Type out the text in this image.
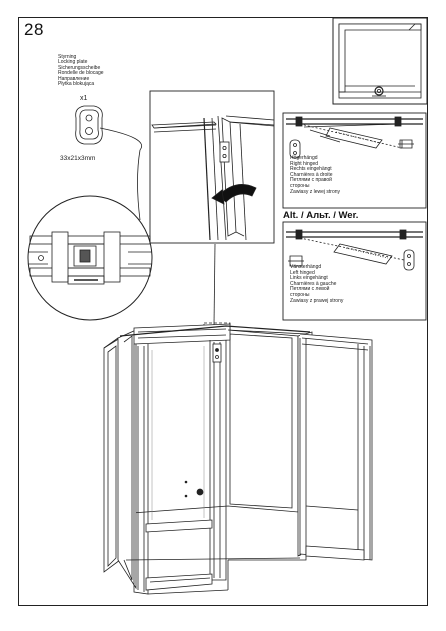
28
Styrning
Locking plate
Sicherungsscheibe
Rondelle de blocage
Направление
Płytka blokująca
x1
33x21x3mm	Högerhängd
Right hinged
Rechts eingehängt
Charnières à droite
Петлями с правой
стороны
Zawiasy z lewej strony
Alt. / Альт. / Wer.
Vänsterhängd
Left hinged
Links eingehängt
Charnières à gauche
Петлями с левой
стороны
Zawiasy z prawej strony
